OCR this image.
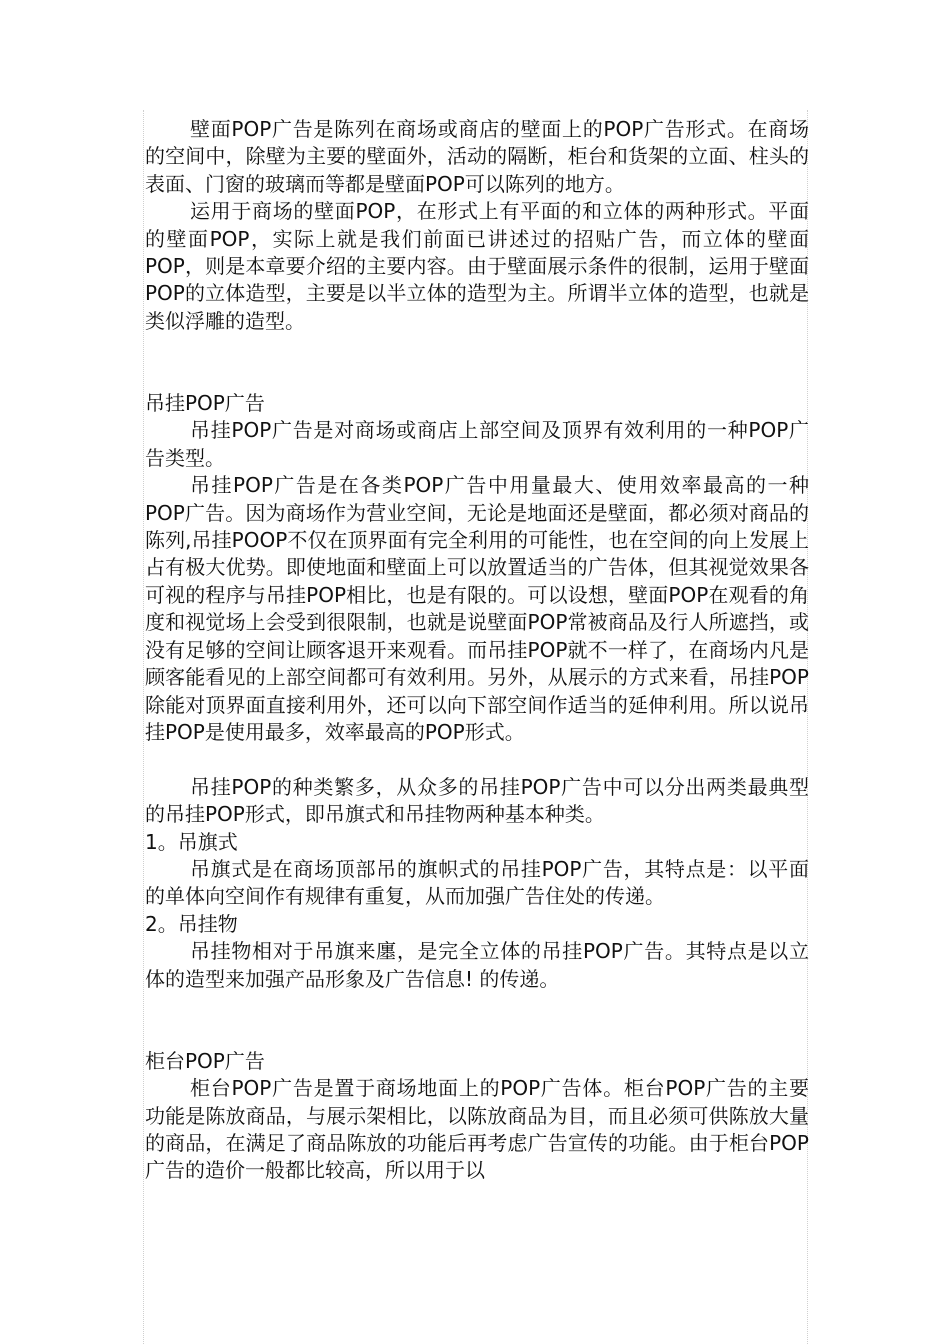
壁面POP广告是陈列在商场或商店的壁面上的POP广告形式。在商场的空间中，除壁为主要的壁面外，活动的隔断，柜台和货架的立面、柱头的表面、门窗的玻璃而等都是壁面POP可以陈列的地方。

运用于商场的壁面POP，在形式上有平面的和立体的两种形式。平面的壁面POP，实际上就是我们前面已讲述过的招贴广告，而立体的壁面POP，则是本章要介绍的主要内容。由于壁面展示条件的很制，运用于壁面POP的立体造型，主要是以半立体的造型为主。所谓半立体的造型，也就是类似浮雕的造型。

吊挂POP广告

吊挂POP广告是对商场或商店上部空间及顶界有效利用的一种POP广告类型。

吊挂POP广告是在各类POP广告中用量最大、使用效率最高的一种POP广告。因为商场作为营业空间，无论是地面还是壁面，都必须对商品的陈列,吊挂POOP不仅在顶界面有完全利用的可能性，也在空间的向上发展上占有极大优势。即使地面和壁面上可以放置适当的广告体，但其视觉效果各可视的程序与吊挂POP相比，也是有限的。可以设想，壁面POP在观看的角度和视觉场上会受到很限制，也就是说壁面POP常被商品及行人所遮挡，或没有足够的空间让顾客退开来观看。而吊挂POP就不一样了，在商场内凡是顾客能看见的上部空间都可有效利用。另外，从展示的方式来看，吊挂POP除能对顶界面直接利用外，还可以向下部空间作适当的延伸利用。所以说吊挂POP是使用最多，效率最高的POP形式。

吊挂POP的种类繁多，从众多的吊挂POP广告中可以分出两类最典型的吊挂POP形式，即吊旗式和吊挂物两种基本种类。

1。吊旗式

吊旗式是在商场顶部吊的旗帜式的吊挂POP广告，其特点是：以平面的单体向空间作有规律有重复，从而加强广告住处的传递。

2。吊挂物

吊挂物相对于吊旗来廛，是完全立体的吊挂POP广告。其特点是以立体的造型来加强产品形象及广告信息! 的传递。

柜台POP广告

柜台POP广告是置于商场地面上的POP广告体。柜台POP广告的主要功能是陈放商品，与展示架相比，以陈放商品为目，而且必须可供陈放大量的商品，在满足了商品陈放的功能后再考虑广告宣传的功能。由于柜台POP广告的造价一般都比较高，所以用于以
